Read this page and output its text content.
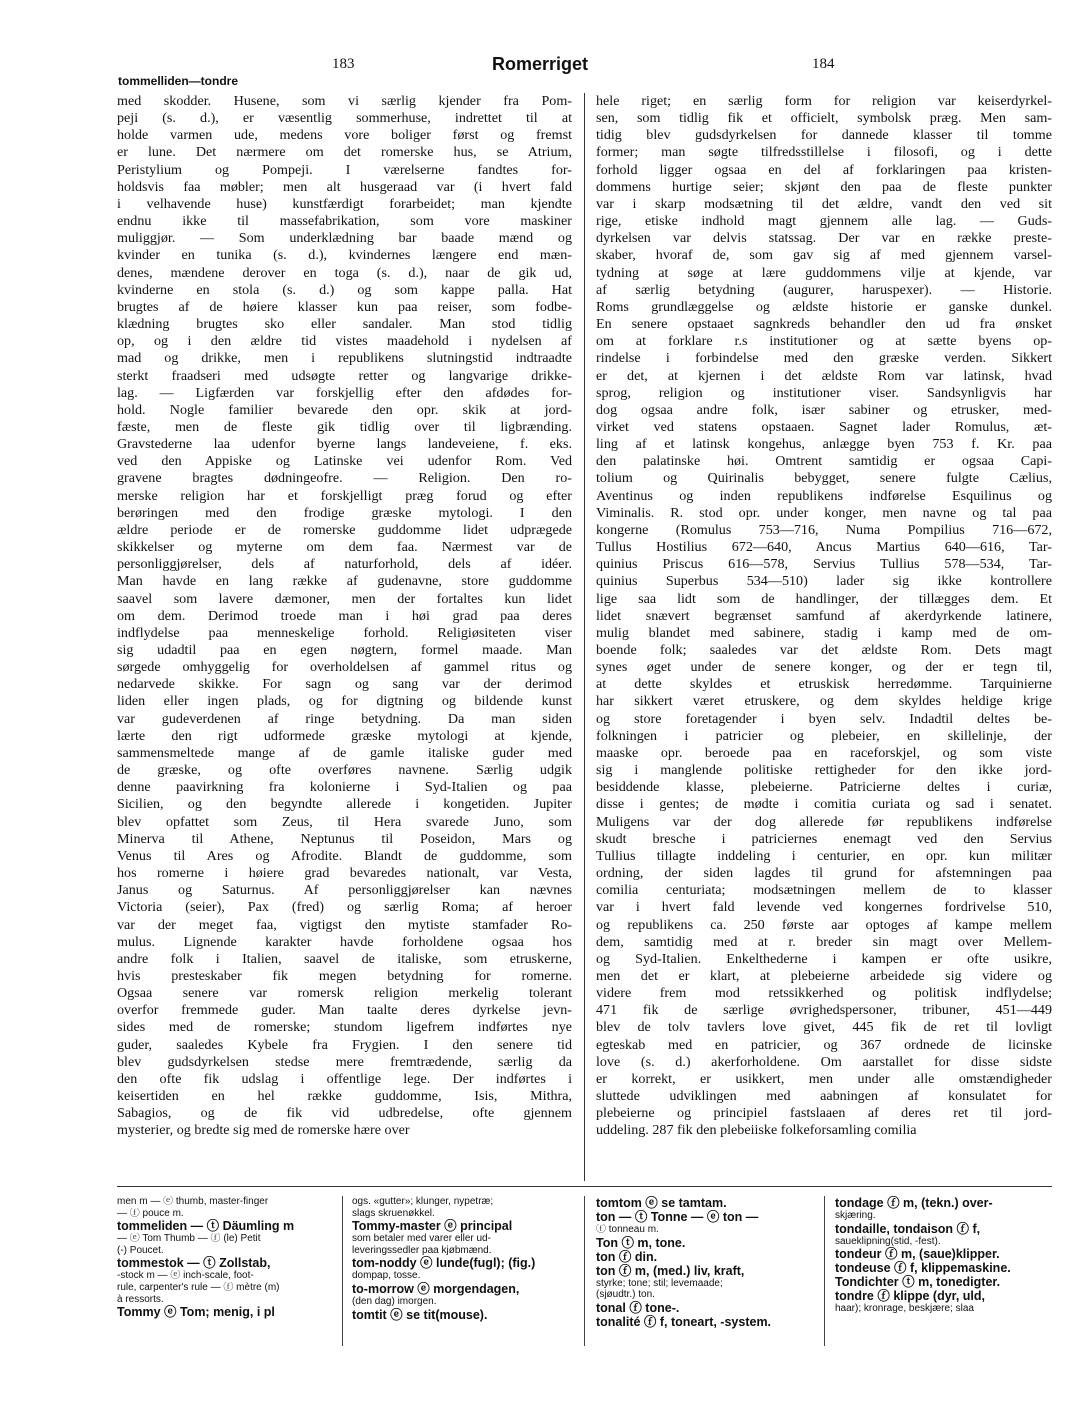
183	Romerriget	184
tommelliden—tondre
med skodder. Husene, som vi særlig kjender fra Pom-
peji (s. d.), er væsentlig sommerhuse, indrettet til at
holde varmen ude, medens vore boliger først og fremst
er lune. Det nærmere om det romerske hus, se Atrium,
Peristylium og Pompeji. I værelserne fandtes for-
holdsvis faa møbler; men alt husgeraad var (i hvert fald
i velhavende huse) kunstfærdigt forarbeidet; man kjendte
endnu ikke til massefabrikation, som vore maskiner
muliggjør. — Som underklædning bar baade mænd og
kvinder en tunika (s. d.), kvindernes længere end mæn-
denes, mændene derover en toga (s. d.), naar de gik ud,
kvinderne en stola (s. d.) og som kappe palla. Hat
brugtes af de høiere klasser kun paa reiser, som fodbe-
klædning brugtes sko eller sandaler. Man stod tidlig
op, og i den ældre tid vistes maadehold i nydelsen af
mad og drikke, men i republikens slutningstid indtraadte
sterkt fraadseri med udsøgte retter og langvarige drikke-
lag. — Ligfærden var forskjellig efter den afdødes for-
hold. Nogle familier bevarede den opr. skik at jord-
fæste, men de fleste gik tidlig over til ligbrænding.
Gravstederne laa udenfor byerne langs landeveiene, f. eks.
ved den Appiske og Latinske vei udenfor Rom. Ved
gravene bragtes dødningeofre. — Religion. Den ro-
merske religion har et forskjelligt præg forud og efter
berøringen med den frodige græske mytologi. I den
ældre periode er de romerske guddomme lidet udprægede
skikkelser og myterne om dem faa. Nærmest var de
personliggjørelser, dels af naturforhold, dels af idéer.
Man havde en lang række af gudenavne, store guddomme
saavel som lavere dæmoner, men der fortaltes kun lidet
om dem. Derimod troede man i høi grad paa deres
indflydelse paa menneskelige forhold. Religiøsiteten viser
sig udadtil paa en egen nøgtern, formel maade. Man
sørgede omhyggelig for overholdelsen af gammel ritus og
nedarvede skikke. For sagn og sang var der derimod
liden eller ingen plads, og for digtning og bildende kunst
var gudeverdenen af ringe betydning. Da man siden
lærte den rigt udformede græske mytologi at kjende,
sammensmeltede mange af de gamle italiske guder med
de græske, og ofte overføres navnene. Særlig udgik
denne paavirkning fra kolonierne i Syd-Italien og paa
Sicilien, og den begyndte allerede i kongetiden. Jupiter
blev opfattet som Zeus, til Hera svarede Juno, som
Minerva til Athene, Neptunus til Poseidon, Mars og
Venus til Ares og Afrodite. Blandt de guddomme, som
hos romerne i høiere grad bevaredes nationalt, var Vesta,
Janus og Saturnus. Af personliggjørelser kan nævnes
Victoria (seier), Pax (fred) og særlig Roma; af heroer
var der meget faa, vigtigst den mytiste stamfader Ro-
mulus. Lignende karakter havde forholdene ogsaa hos
andre folk i Italien, saavel de italiske, som etruskerne,
hvis presteskaber fik megen betydning for romerne.
Ogsaa senere var romersk religion merkelig tolerant
overfor fremmede guder. Man taalte deres dyrkelse jevn-
sides med de romerske; stundom ligefrem indførtes nye
guder, saaledes Kybele fra Frygien. I den senere tid
blev gudsdyrkelsen stedse mere fremtrædende, særlig da
den ofte fik udslag i offentlige lege. Der indførtes i
keisertiden en hel række guddomme, Isis, Mithra,
Sabagios, og de fik vid udbredelse, ofte gjennem
mysterier, og bredte sig med de romerske hære over
hele riget; en særlig form for religion var keiserdyrkel-
sen, som tidlig fik et officielt, symbolsk præg. Men sam-
tidig blev gudsdyrkelsen for dannede klasser til tomme
former; man søgte tilfredsstillelse i filosofi, og i dette
forhold ligger ogsaa en del af forklaringen paa kristen-
dommens hurtige seier; skjønt den paa de fleste punkter
var i skarp modsætning til det ældre, vandt den ved sit
rige, etiske indhold magt gjennem alle lag. — Guds-
dyrkelsen var delvis statssag. Der var en række preste-
skaber, hvoraf de, som gav sig af med gjennem varsel-
tydning at søge at lære guddommens vilje at kjende, var
af særlig betydning (augurer, haruspexer). — Historie.
Roms grundlæggelse og ældste historie er ganske dunkel.
En senere opstaaet sagnkreds behandler den ud fra ønsket
om at forklare r.s institutioner og at sætte byens op-
rindelse i forbindelse med den græske verden. Sikkert
er det, at kjernen i det ældste Rom var latinsk, hvad
sprog, religion og institutioner viser. Sandsynligvis har
dog ogsaa andre folk, især sabiner og etrusker, med-
virket ved statens opstaaen. Sagnet lader Romulus, æt-
ling af et latinsk kongehus, anlægge byen 753 f. Kr. paa
den palatinske høi. Omtrent samtidig er ogsaa Capi-
tolium og Quirinalis bebygget, senere fulgte Cælius,
Aventinus og inden republikens indførelse Esquilinus og
Viminalis. R. stod opr. under konger, men navne og tal paa
kongerne (Romulus 753—716, Numa Pompilius 716—672,
Tullus Hostilius 672—640, Ancus Martius 640—616, Tar-
quinius Priscus 616—578, Servius Tullius 578—534, Tar-
quinius Superbus 534—510) lader sig ikke kontrollere
lige saa lidt som de handlinger, der tillægges dem. Et
lidet snævert begrænset samfund af akerdyrkende latinere,
mulig blandet med sabinere, stadig i kamp med de om-
boende folk; saaledes var det ældste Rom. Dets magt
synes øget under de senere konger, og der er tegn til,
at dette skyldes et etruskisk herredømme. Tarquinierne
har sikkert været etruskere, og dem skyldes heldige krige
og store foretagender i byen selv. Indadtil deltes be-
folkningen i patricier og plebeier, en skillelinje, der
maaske opr. beroede paa en raceforskjel, og som viste
sig i manglende politiske rettigheder for den ikke jord-
besiddende klasse, plebeierne. Patricierne deltes i curiæ,
disse i gentes; de mødte i comitia curiata og sad i senatet.
Muligens var der dog allerede før republikens indførelse
skudt bresche i patriciernes enemagt ved den Servius
Tullius tillagte inddeling i centurier, en opr. kun militær
ordning, der siden lagdes til grund for afstemningen paa
comilia centuriata; modsætningen mellem de to klasser
var i hvert fald levende ved kongernes fordrivelse 510,
og republikens ca. 250 første aar optoges af kampe mellem
dem, samtidig med at r. breder sin magt over Mellem-
og Syd-Italien. Enkelthederne i kampen er ofte usikre,
men det er klart, at plebeierne arbeidede sig videre og
videre frem mod retssikkerhed og politisk indflydelse;
471 fik de særlige øvrighedspersoner, tribuner, 451—449
blev de tolv tavlers love givet, 445 fik de ret til lovligt
egteskab med en patricier, og 367 ordnede de licinske
love (s. d.) akerforholdene. Om aarstallet for disse sidste
er korrekt, er usikkert, men under alle omstændigheder
sluttede udviklingen med aabningen af konsulatet for
plebeierne og principiel fastslaaen af deres ret til jord-
uddeling. 287 fik den plebeiiske folkeforsamling comilia
men m — ⓔ thumb, master-finger
— ⓕ pouce m.
tommeliden — ⓣ Däumling m
— ⓔ Tom Thumb — ⓕ (le) Petit
(-) Poucet.
tommestok — ⓣ Zollstab,
-stock m — ⓔ inch-scale, foot-
rule, carpenter's rule — ⓕ mètre (m)
à ressorts.
Tommy ⓔ Tom; menig, i pl
ogs. «gutter»; klunger, nypetræ;
slags skruenøkkel.
Tommy-master ⓔ principal
som betaler med varer eller ud-
leveringssedler paa kjøbmænd.
tom-noddy ⓔ lunde(fugl); (fig.)
dompap, tosse.
to-morrow ⓔ morgendagen,
(den dag) imorgen.
tomtit ⓔ se tit(mouse).
tomtom ⓔ se tamtam.
ton — ⓣ Tonne — ⓔ ton —
ⓕ tonneau m.
Ton ⓣ m, tone.
ton ⓕ din.
ton ⓕ m, (med.) liv, kraft,
styrke; tone; stil; levemaade;
(sjøudtr.) ton.
tonal ⓕ tone-.
tonalité ⓕ f, toneart, -system.
tondage ⓕ m, (tekn.) over-
skjæring.
tondaille, tondaison ⓕ f,
saueklipning(stid, -fest).
tondeur ⓕ m, (saue)klipper.
tondeuse ⓕ f, klippemaskine.
Tondichter ⓣ m, tonedigter.
tondre ⓕ klippe (dyr, uld,
haar); kronrage, beskjære; slaa
